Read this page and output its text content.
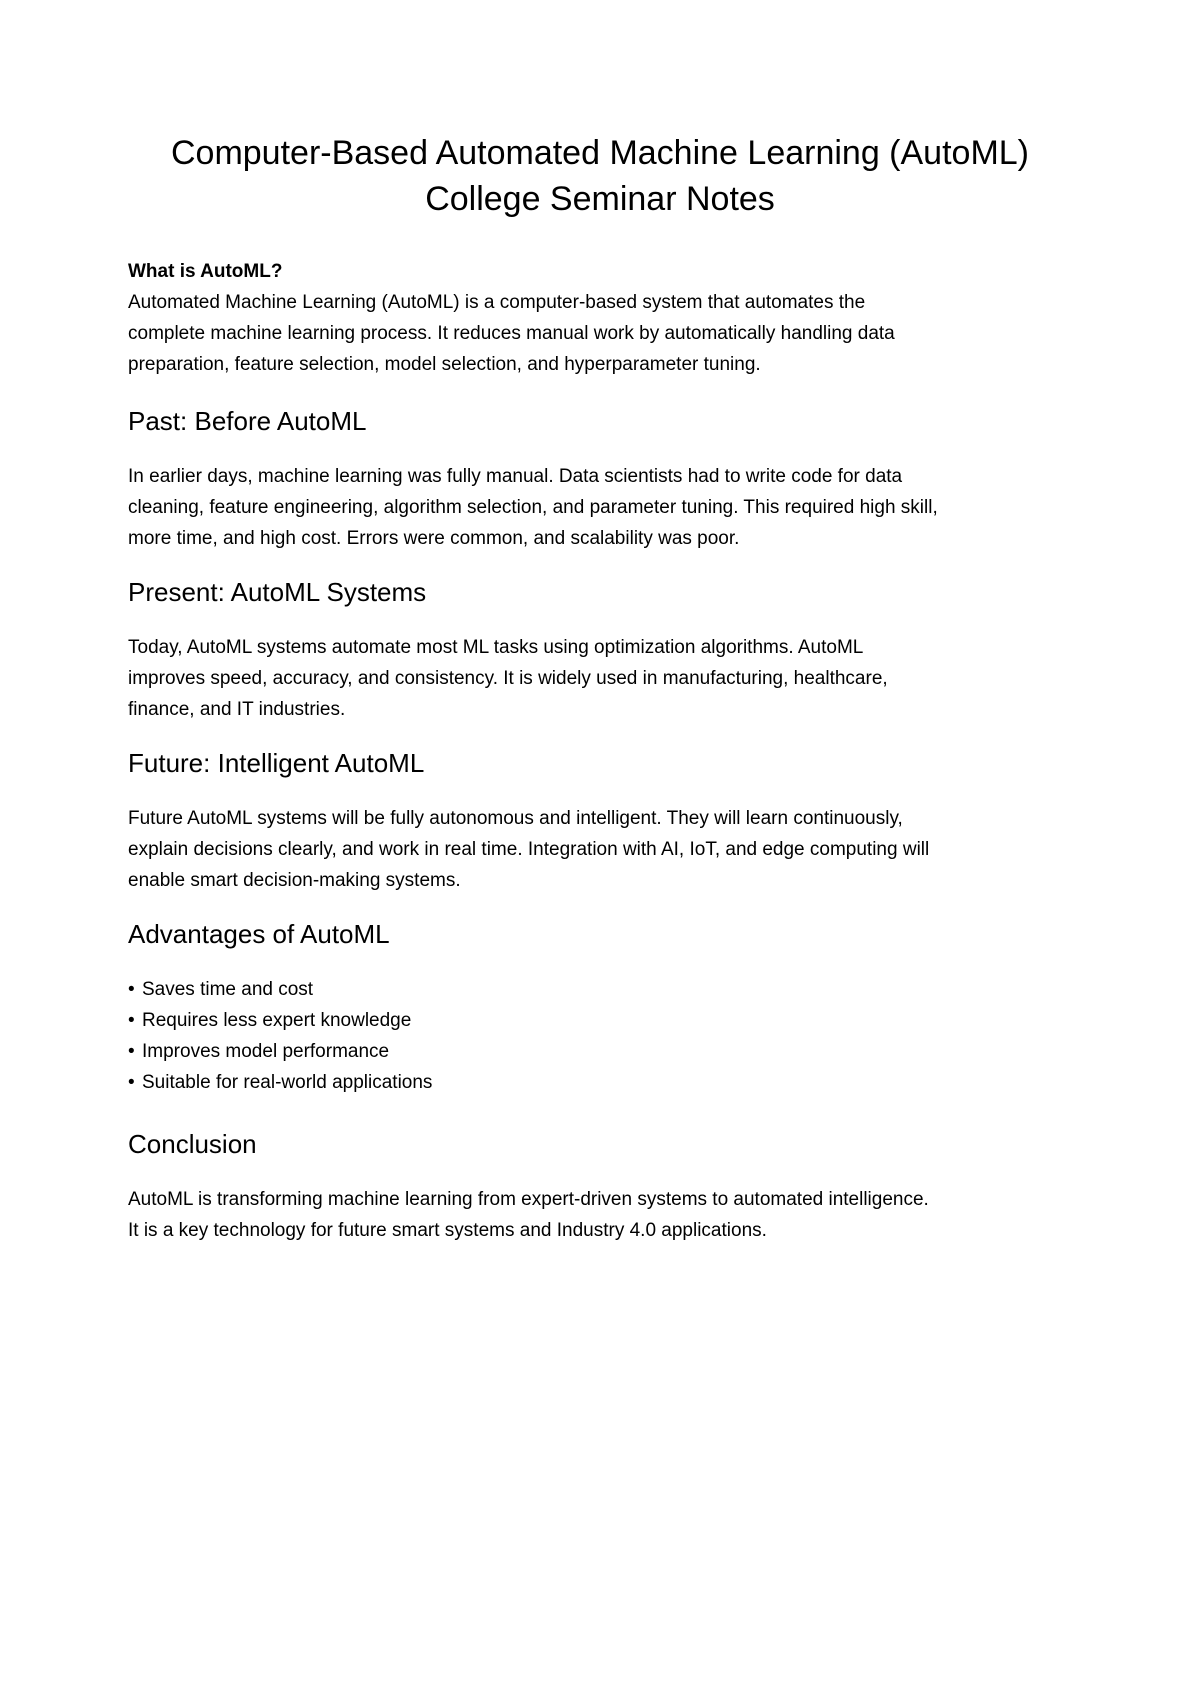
Computer-Based Automated Machine Learning (AutoML)
College Seminar Notes
What is AutoML?

Automated Machine Learning (AutoML) is a computer-based system that automates the
complete machine learning process. It reduces manual work by automatically handling data
preparation, feature selection, model selection, and hyperparameter tuning.

Past: Before AutoML

In earlier days, machine learning was fully manual. Data scientists had to write code for data
cleaning, feature engineering, algorithm selection, and parameter tuning. This required high skill,
more time, and high cost. Errors were common, and scalability was poor.

Present: AutoML Systems

Today, AutoML systems automate most ML tasks using optimization algorithms. AutoML
improves speed, accuracy, and consistency. It is widely used in manufacturing, healthcare,
finance, and IT industries.

Future: Intelligent AutoML

Future AutoML systems will be fully autonomous and intelligent. They will learn continuously,
explain decisions clearly, and work in real time. Integration with AI, IoT, and edge computing will
enable smart decision-making systems.

Advantages of AutoML
• Saves time and cost
• Requires less expert knowledge
• Improves model performance
• Suitable for real-world applications
Conclusion

AutoML is transforming machine learning from expert-driven systems to automated intelligence.
It is a key technology for future smart systems and Industry 4.0 applications.
